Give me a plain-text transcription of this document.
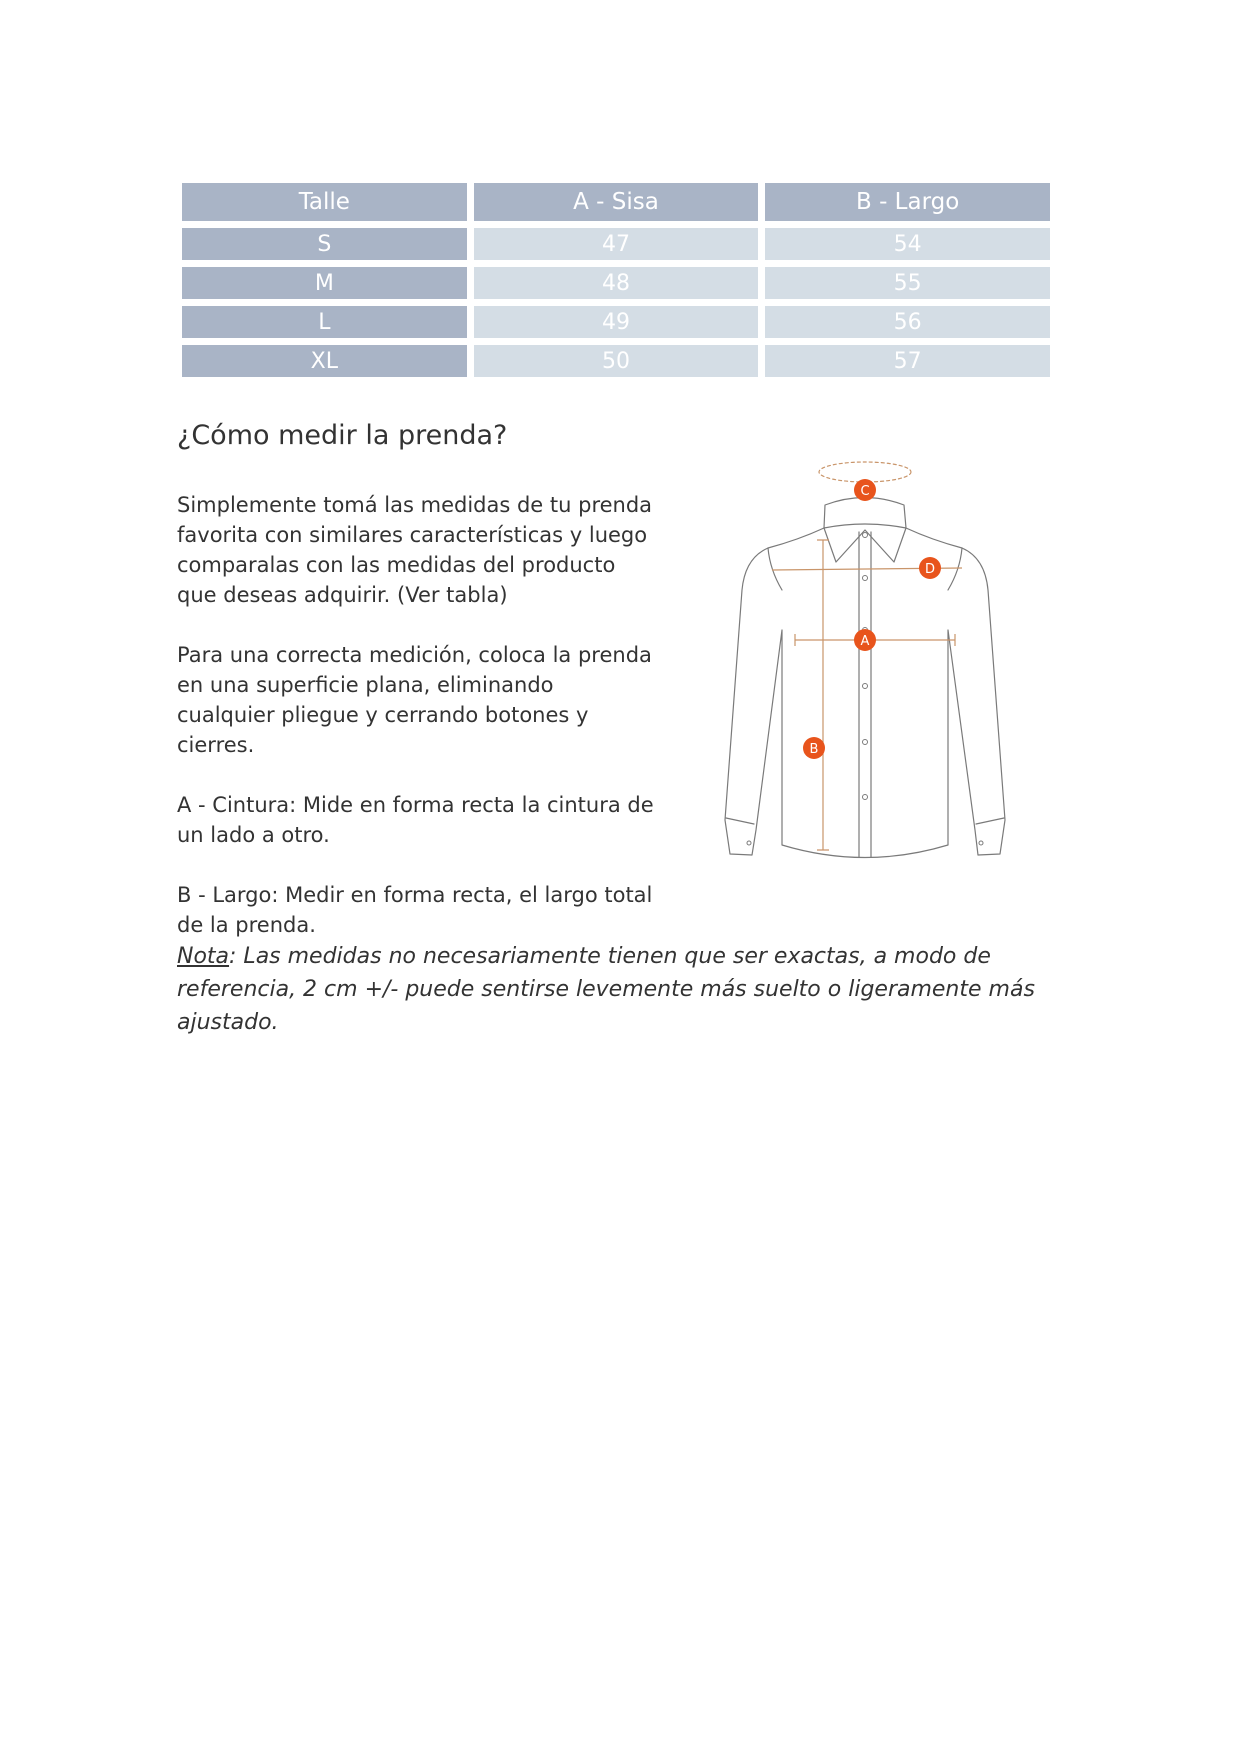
Talle	A - Sisa	B - Largo
S	47	54
M	48	55
L	49	56
XL	50	57
¿Cómo medir la prenda?

Simplemente tomá las medidas de tu prenda favorita con similares características y luego comparalas con las medidas del producto que deseas adquirir. (Ver tabla)

Para una correcta medición, coloca la prenda en una superficie plana, eliminando cualquier pliegue y cerrando botones y cierres.

A - Cintura: Mide en forma recta la cintura de un lado a otro.

B - Largo: Medir en forma recta, el largo total de la prenda.

Nota: Las medidas no necesariamente tienen que ser exactas, a modo de referencia, 2 cm +/- puede sentirse levemente más suelto o ligeramente más ajustado.

C
D
A
B
